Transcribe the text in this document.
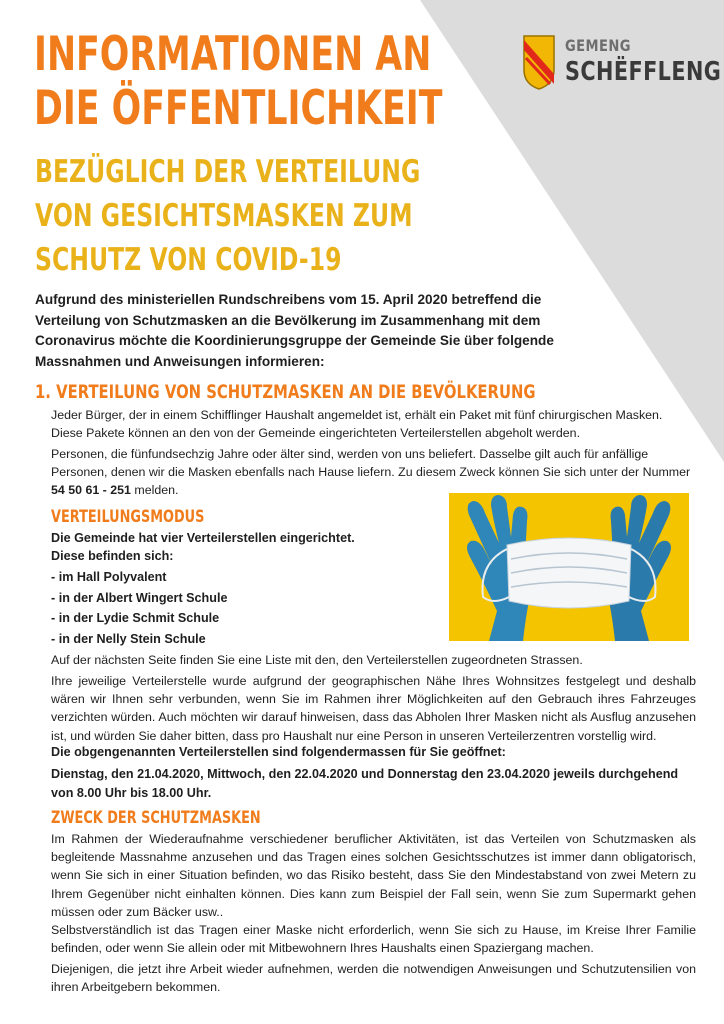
GEMENG
SCHËFFLENG
INFORMATIONEN AN
DIE ÖFFENTLICHKEIT
BEZÜGLICH DER VERTEILUNG
VON GESICHTSMASKEN ZUM
SCHUTZ VON COVID-19
Aufgrund des ministeriellen Rundschreibens vom 15. April 2020 betreffend die Verteilung von Schutzmasken an die Bevölkerung im Zusammenhang mit dem Coronavirus möchte die Koordinierungsgruppe der Gemeinde Sie über folgende Massnahmen und Anweisungen informieren:
1. VERTEILUNG VON SCHUTZMASKEN AN DIE BEVÖLKERUNG
Jeder Bürger, der in einem Schifflinger Haushalt angemeldet ist, erhält ein Paket mit fünf chirurgischen Masken. Diese Pakete können an den von der Gemeinde eingerichteten Verteilerstellen abgeholt werden.
Personen, die fünfundsechzig Jahre oder älter sind, werden von uns beliefert. Dasselbe gilt auch für anfällige Personen, denen wir die Masken ebenfalls nach Hause liefern. Zu diesem Zweck können Sie sich unter der Nummer 54 50 61 - 251 melden.
VERTEILUNGSMODUS
Die Gemeinde hat vier Verteilerstellen eingerichtet.
Diese befinden sich:
- im Hall Polyvalent
- in der Albert Wingert Schule
- in der Lydie Schmit Schule
- in der Nelly Stein Schule
Auf der nächsten Seite finden Sie eine Liste mit den, den Verteilerstellen zugeordneten Strassen.
Ihre jeweilige Verteilerstelle wurde aufgrund der geographischen Nähe Ihres Wohnsitzes festgelegt und deshalb wären wir Ihnen sehr verbunden, wenn Sie im Rahmen ihrer Möglichkeiten auf den Gebrauch ihres Fahrzeuges verzichten würden. Auch möchten wir darauf hinweisen, dass das Abholen Ihrer Masken nicht als Ausflug anzusehen ist, und würden Sie daher bitten, dass pro Haushalt nur eine Person in unseren Verteilerzentren vorstellig wird.
Die obgengenannten Verteilerstellen sind folgendermassen für Sie geöffnet:
Dienstag, den 21.04.2020, Mittwoch, den 22.04.2020 und Donnerstag den 23.04.2020 jeweils durchgehend von 8.00 Uhr bis 18.00 Uhr.
ZWECK DER SCHUTZMASKEN
Im Rahmen der Wiederaufnahme verschiedener beruflicher Aktivitäten, ist das Verteilen von Schutzmasken als begleitende Massnahme anzusehen und das Tragen eines solchen Gesichtsschutzes ist immer dann obligatorisch, wenn Sie sich in einer Situation befinden, wo das Risiko besteht, dass Sie den Mindestabstand von zwei Metern zu Ihrem Gegenüber nicht einhalten können. Dies kann zum Beispiel der Fall sein, wenn Sie zum Supermarkt gehen müssen oder zum Bäcker usw..
Selbstverständlich ist das Tragen einer Maske nicht erforderlich, wenn Sie sich zu Hause, im Kreise Ihrer Familie befinden, oder wenn Sie allein oder mit Mitbewohnern Ihres Haushalts einen Spaziergang machen.
Diejenigen, die jetzt ihre Arbeit wieder aufnehmen, werden die notwendigen Anweisungen und Schutzutensilien von ihren Arbeitgebern bekommen.
